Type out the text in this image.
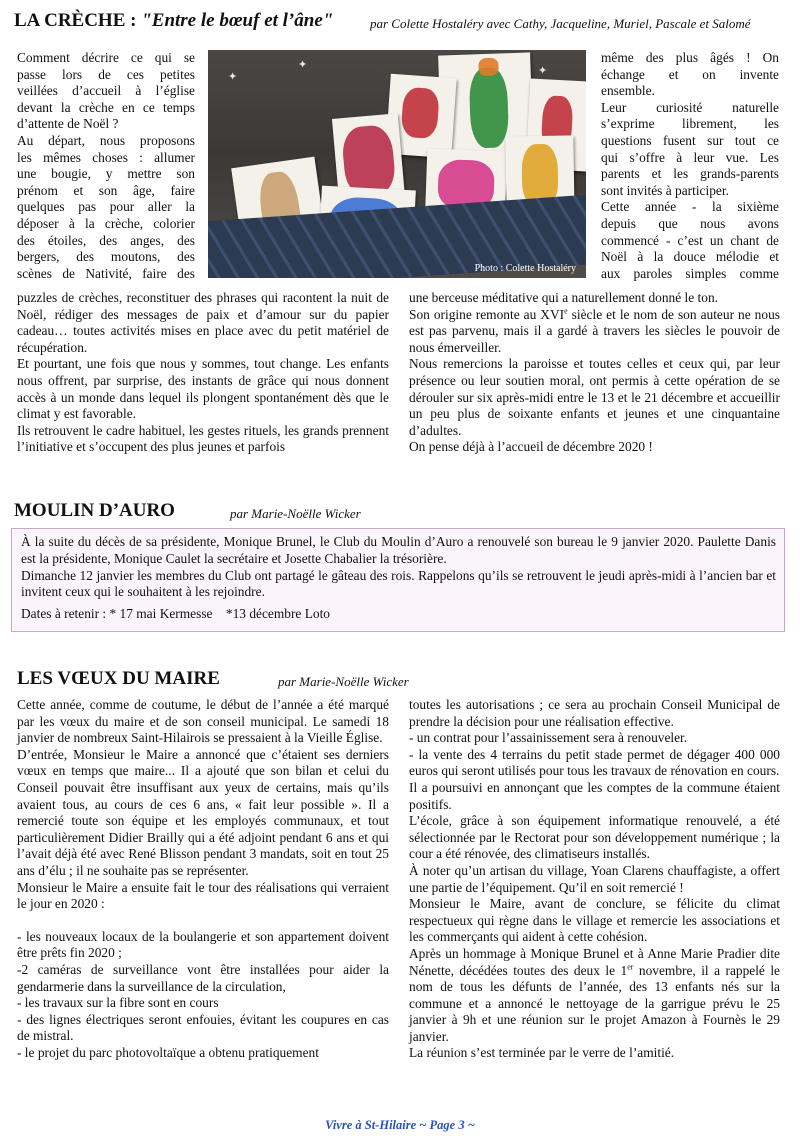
LA CRÈCHE : "Entre le bœuf et l’âne"	par Colette Hostaléry avec Cathy, Jacqueline, Muriel, Pascale et Salomé
Comment décrire ce qui se
passe lors de ces petites
veillées d’accueil à l’église
devant la crèche en ce temps
d’attente de Noël ?
Au départ, nous proposons
les mêmes choses : allumer
une bougie, y mettre son
prénom et son âge, faire
quelques pas pour aller la
déposer à la crèche, colorier
des étoiles, des anges, des
bergers, des moutons, des
scènes de Nativité, faire des
même des plus âgés ! On
échange et on invente
ensemble.
Leur curiosité naturelle
s’exprime librement, les
questions fusent sur tout ce
qui s’offre à leur vue. Les
parents et les grands-parents
sont invités à participer.
Cette année - la sixième
depuis que nous avons
commencé - c’est un chant de
Noël à la douce mélodie et
aux paroles simples comme
✦
✦	✦
Photo : Colette Hostaléry

puzzles de crèches, reconstituer des phrases qui racontent la nuit de Noël, rédiger des messages de paix et d’amour sur du papier cadeau… toutes activités mises en place avec du petit matériel de récupération.

Et pourtant, une fois que nous y sommes, tout change. Les enfants nous offrent, par surprise, des instants de grâce qui nous donnent accès à un monde dans lequel ils plongent spontanément dès que le climat y est favorable.

Ils retrouvent le cadre habituel, les gestes rituels, les grands prennent l’initiative et s’occupent des plus jeunes et parfois

une berceuse méditative qui a naturellement donné le ton.

Son origine remonte au XVIe siècle et le nom de son auteur ne nous est pas parvenu, mais il a gardé à travers les siècles le pouvoir de nous émerveiller.

Nous remercions la paroisse et toutes celles et ceux qui, par leur présence ou leur soutien moral, ont permis à cette opération de se dérouler sur six après-midi entre le 13 et le 21 décembre et accueillir un peu plus de soixante enfants et jeunes et une cinquantaine d’adultes.

On pense déjà à l’accueil de décembre 2020 !

MOULIN D’AURO	par Marie-Noëlle Wicker

À la suite du décès de sa présidente, Monique Brunel, le Club du Moulin d’Auro a renouvelé son bureau le 9 janvier 2020. Paulette Danis est la présidente, Monique Caulet la secrétaire et Josette Chabalier la trésorière.

Dimanche 12 janvier les membres du Club ont partagé le gâteau des rois. Rappelons qu’ils se retrouvent le jeudi après-midi à l’ancien bar et invitent ceux qui le souhaitent à les rejoindre.

Dates à retenir : * 17 mai Kermesse    *13 décembre Loto

LES VŒUX DU MAIRE	par Marie-Noëlle Wicker

Cette année, comme de coutume, le début de l’année a été marqué par les vœux du maire et de son conseil municipal. Le samedi 18 janvier de nombreux Saint-Hilairois se pressaient à la Vieille Église.

D’entrée, Monsieur le Maire a annoncé que c’étaient ses derniers vœux en temps que maire... Il a ajouté que son bilan et celui du Conseil pouvait être insuffisant aux yeux de certains, mais qu’ils avaient tous, au cours de ces 6 ans, « fait leur possible ». Il a remercié toute son équipe et les employés communaux, et tout particulièrement Didier Brailly qui a été adjoint pendant 6 ans et qui l’avait déjà été avec René Blisson pendant 3 mandats, soit en tout 25 ans d’élu ; il ne souhaite pas se représenter.

Monsieur le Maire a ensuite fait le tour des réalisations qui verraient le jour en 2020 :

- les nouveaux locaux de la boulangerie et son appartement doivent être prêts fin 2020 ;

-2 caméras de surveillance vont être installées pour aider la gendarmerie dans la surveillance de la circulation,

- les travaux sur la fibre sont en cours

- des lignes électriques seront enfouies, évitant les coupures en cas de mistral.

- le projet du parc photovoltaïque a obtenu pratiquement

toutes les autorisations ; ce sera au prochain Conseil Municipal de prendre la décision pour une réalisation effective.

- un contrat pour l’assainissement sera à renouveler.

- la vente des 4 terrains du petit stade permet de dégager 400 000 euros qui seront utilisés pour tous les travaux de rénovation en cours.

Il a poursuivi en annonçant que les comptes de la commune étaient positifs.

L’école, grâce à son équipement informatique renouvelé, a été sélectionnée par le Rectorat pour son développement numérique ; la cour a été rénovée, des climatiseurs installés.

À noter qu’un artisan du village, Yoan Clarens chauffagiste, a offert une partie de l’équipement. Qu’il en soit remercié !

Monsieur le Maire, avant de conclure, se félicite du climat respectueux qui règne dans le village et remercie les associations et les commerçants qui aident à cette cohésion.

Après un hommage à Monique Brunel et à Anne Marie Pradier dite Nénette, décédées toutes des deux le 1er novembre, il a rappelé le nom de tous les défunts de l’année, des 13 enfants nés sur la commune et a annoncé le nettoyage de la garrigue prévu le 25 janvier à 9h et une réunion sur le projet Amazon à Fournès le 29 janvier.

La réunion s’est terminée par le verre de l’amitié.

Vivre à St-Hilaire ~ Page 3 ~
